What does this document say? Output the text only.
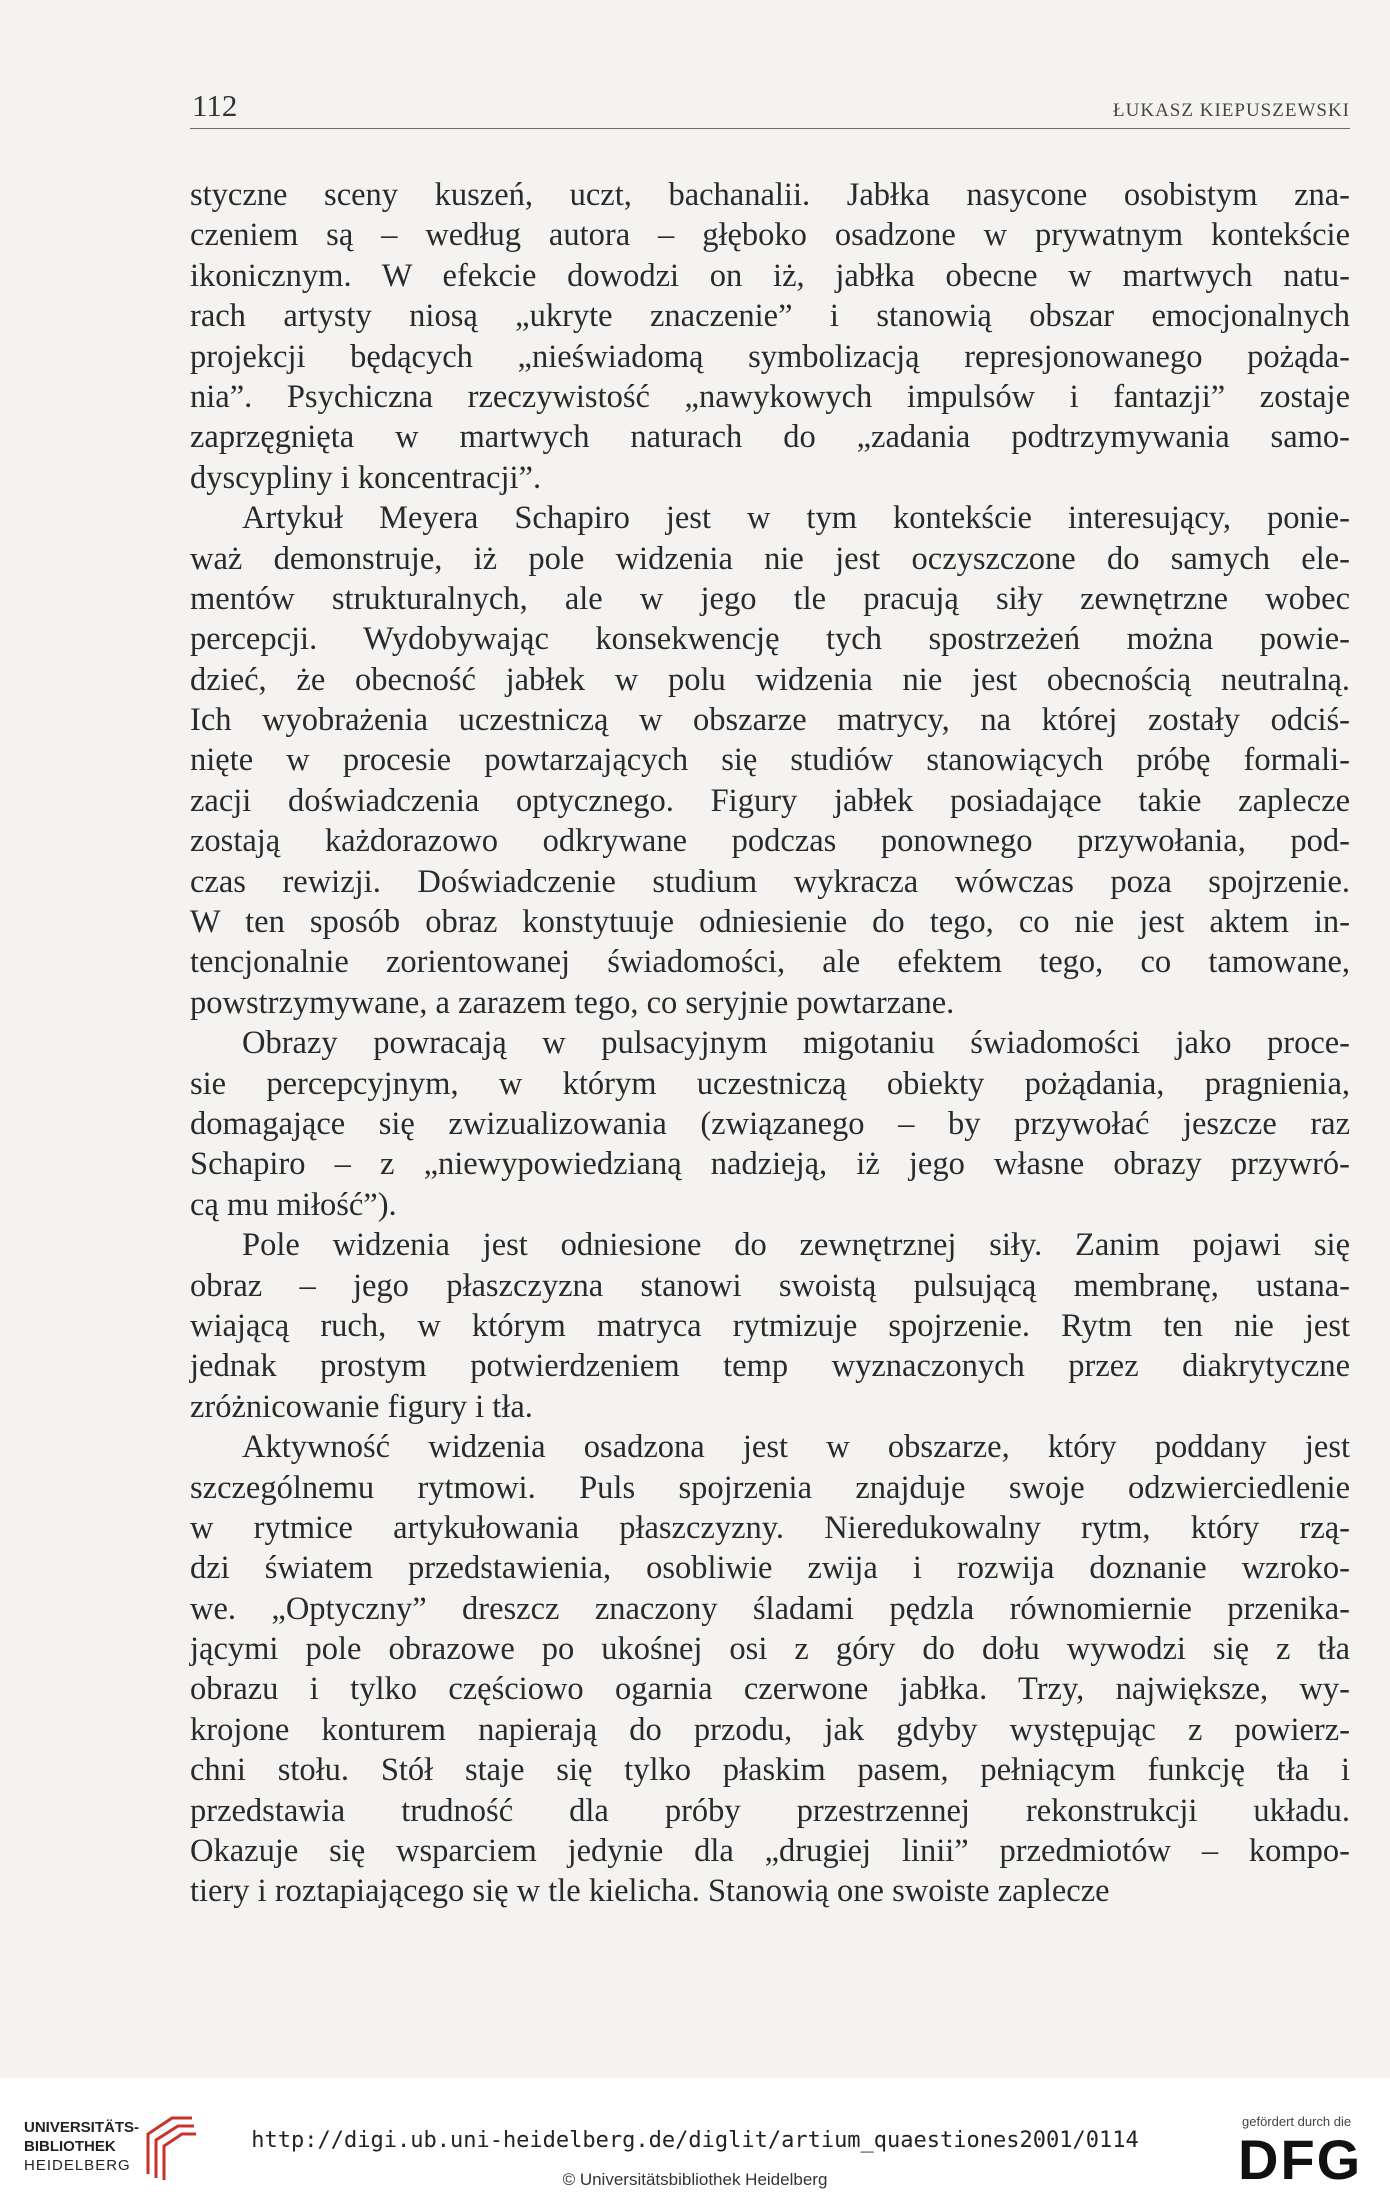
112	ŁUKASZ KIEPUSZEWSKI
styczne sceny kuszeń, uczt, bachanalii. Jabłka nasycone osobistym zna-
czeniem są – według autora – głęboko osadzone w prywatnym kontekście
ikonicznym. W efekcie dowodzi on iż, jabłka obecne w martwych natu-
rach artysty niosą „ukryte znaczenie” i stanowią obszar emocjonalnych
projekcji będących „nieświadomą symbolizacją represjonowanego pożąda-
nia”. Psychiczna rzeczywistość „nawykowych impulsów i fantazji” zostaje
zaprzęgnięta w martwych naturach do „zadania podtrzymywania samo-
dyscypliny i koncentracji”.
Artykuł Meyera Schapiro jest w tym kontekście interesujący, ponie-
waż demonstruje, iż pole widzenia nie jest oczyszczone do samych ele-
mentów strukturalnych, ale w jego tle pracują siły zewnętrzne wobec
percepcji. Wydobywając konsekwencję tych spostrzeżeń można powie-
dzieć, że obecność jabłek w polu widzenia nie jest obecnością neutralną.
Ich wyobrażenia uczestniczą w obszarze matrycy, na której zostały odciś-
nięte w procesie powtarzających się studiów stanowiących próbę formali-
zacji doświadczenia optycznego. Figury jabłek posiadające takie zaplecze
zostają każdorazowo odkrywane podczas ponownego przywołania, pod-
czas rewizji. Doświadczenie studium wykracza wówczas poza spojrzenie.
W ten sposób obraz konstytuuje odniesienie do tego, co nie jest aktem in-
tencjonalnie zorientowanej świadomości, ale efektem tego, co tamowane,
powstrzymywane, a zarazem tego, co seryjnie powtarzane.
Obrazy powracają w pulsacyjnym migotaniu świadomości jako proce-
sie percepcyjnym, w którym uczestniczą obiekty pożądania, pragnienia,
domagające się zwizualizowania (związanego – by przywołać jeszcze raz
Schapiro – z „niewypowiedzianą nadzieją, iż jego własne obrazy przywró-
cą mu miłość”).
Pole widzenia jest odniesione do zewnętrznej siły. Zanim pojawi się
obraz – jego płaszczyzna stanowi swoistą pulsującą membranę, ustana-
wiającą ruch, w którym matryca rytmizuje spojrzenie. Rytm ten nie jest
jednak prostym potwierdzeniem temp wyznaczonych przez diakrytyczne
zróżnicowanie figury i tła.
Aktywność widzenia osadzona jest w obszarze, który poddany jest
szczególnemu rytmowi. Puls spojrzenia znajduje swoje odzwierciedlenie
w rytmice artykułowania płaszczyzny. Nieredukowalny rytm, który rzą-
dzi światem przedstawienia, osobliwie zwija i rozwija doznanie wzroko-
we. „Optyczny” dreszcz znaczony śladami pędzla równomiernie przenika-
jącymi pole obrazowe po ukośnej osi z góry do dołu wywodzi się z tła
obrazu i tylko częściowo ogarnia czerwone jabłka. Trzy, największe, wy-
krojone konturem napierają do przodu, jak gdyby występując z powierz-
chni stołu. Stół staje się tylko płaskim pasem, pełniącym funkcję tła i
przedstawia trudność dla próby przestrzennej rekonstrukcji układu.
Okazuje się wsparciem jedynie dla „drugiej linii” przedmiotów – kompo-
tiery i roztapiającego się w tle kielicha. Stanowią one swoiste zaplecze
UNIVERSITÄTS-
BIBLIOTHEK
HEIDELBERG
http://digi.ub.uni-heidelberg.de/diglit/artium_quaestiones2001/0114
© Universitätsbibliothek Heidelberg
gefördert durch die
DFG
